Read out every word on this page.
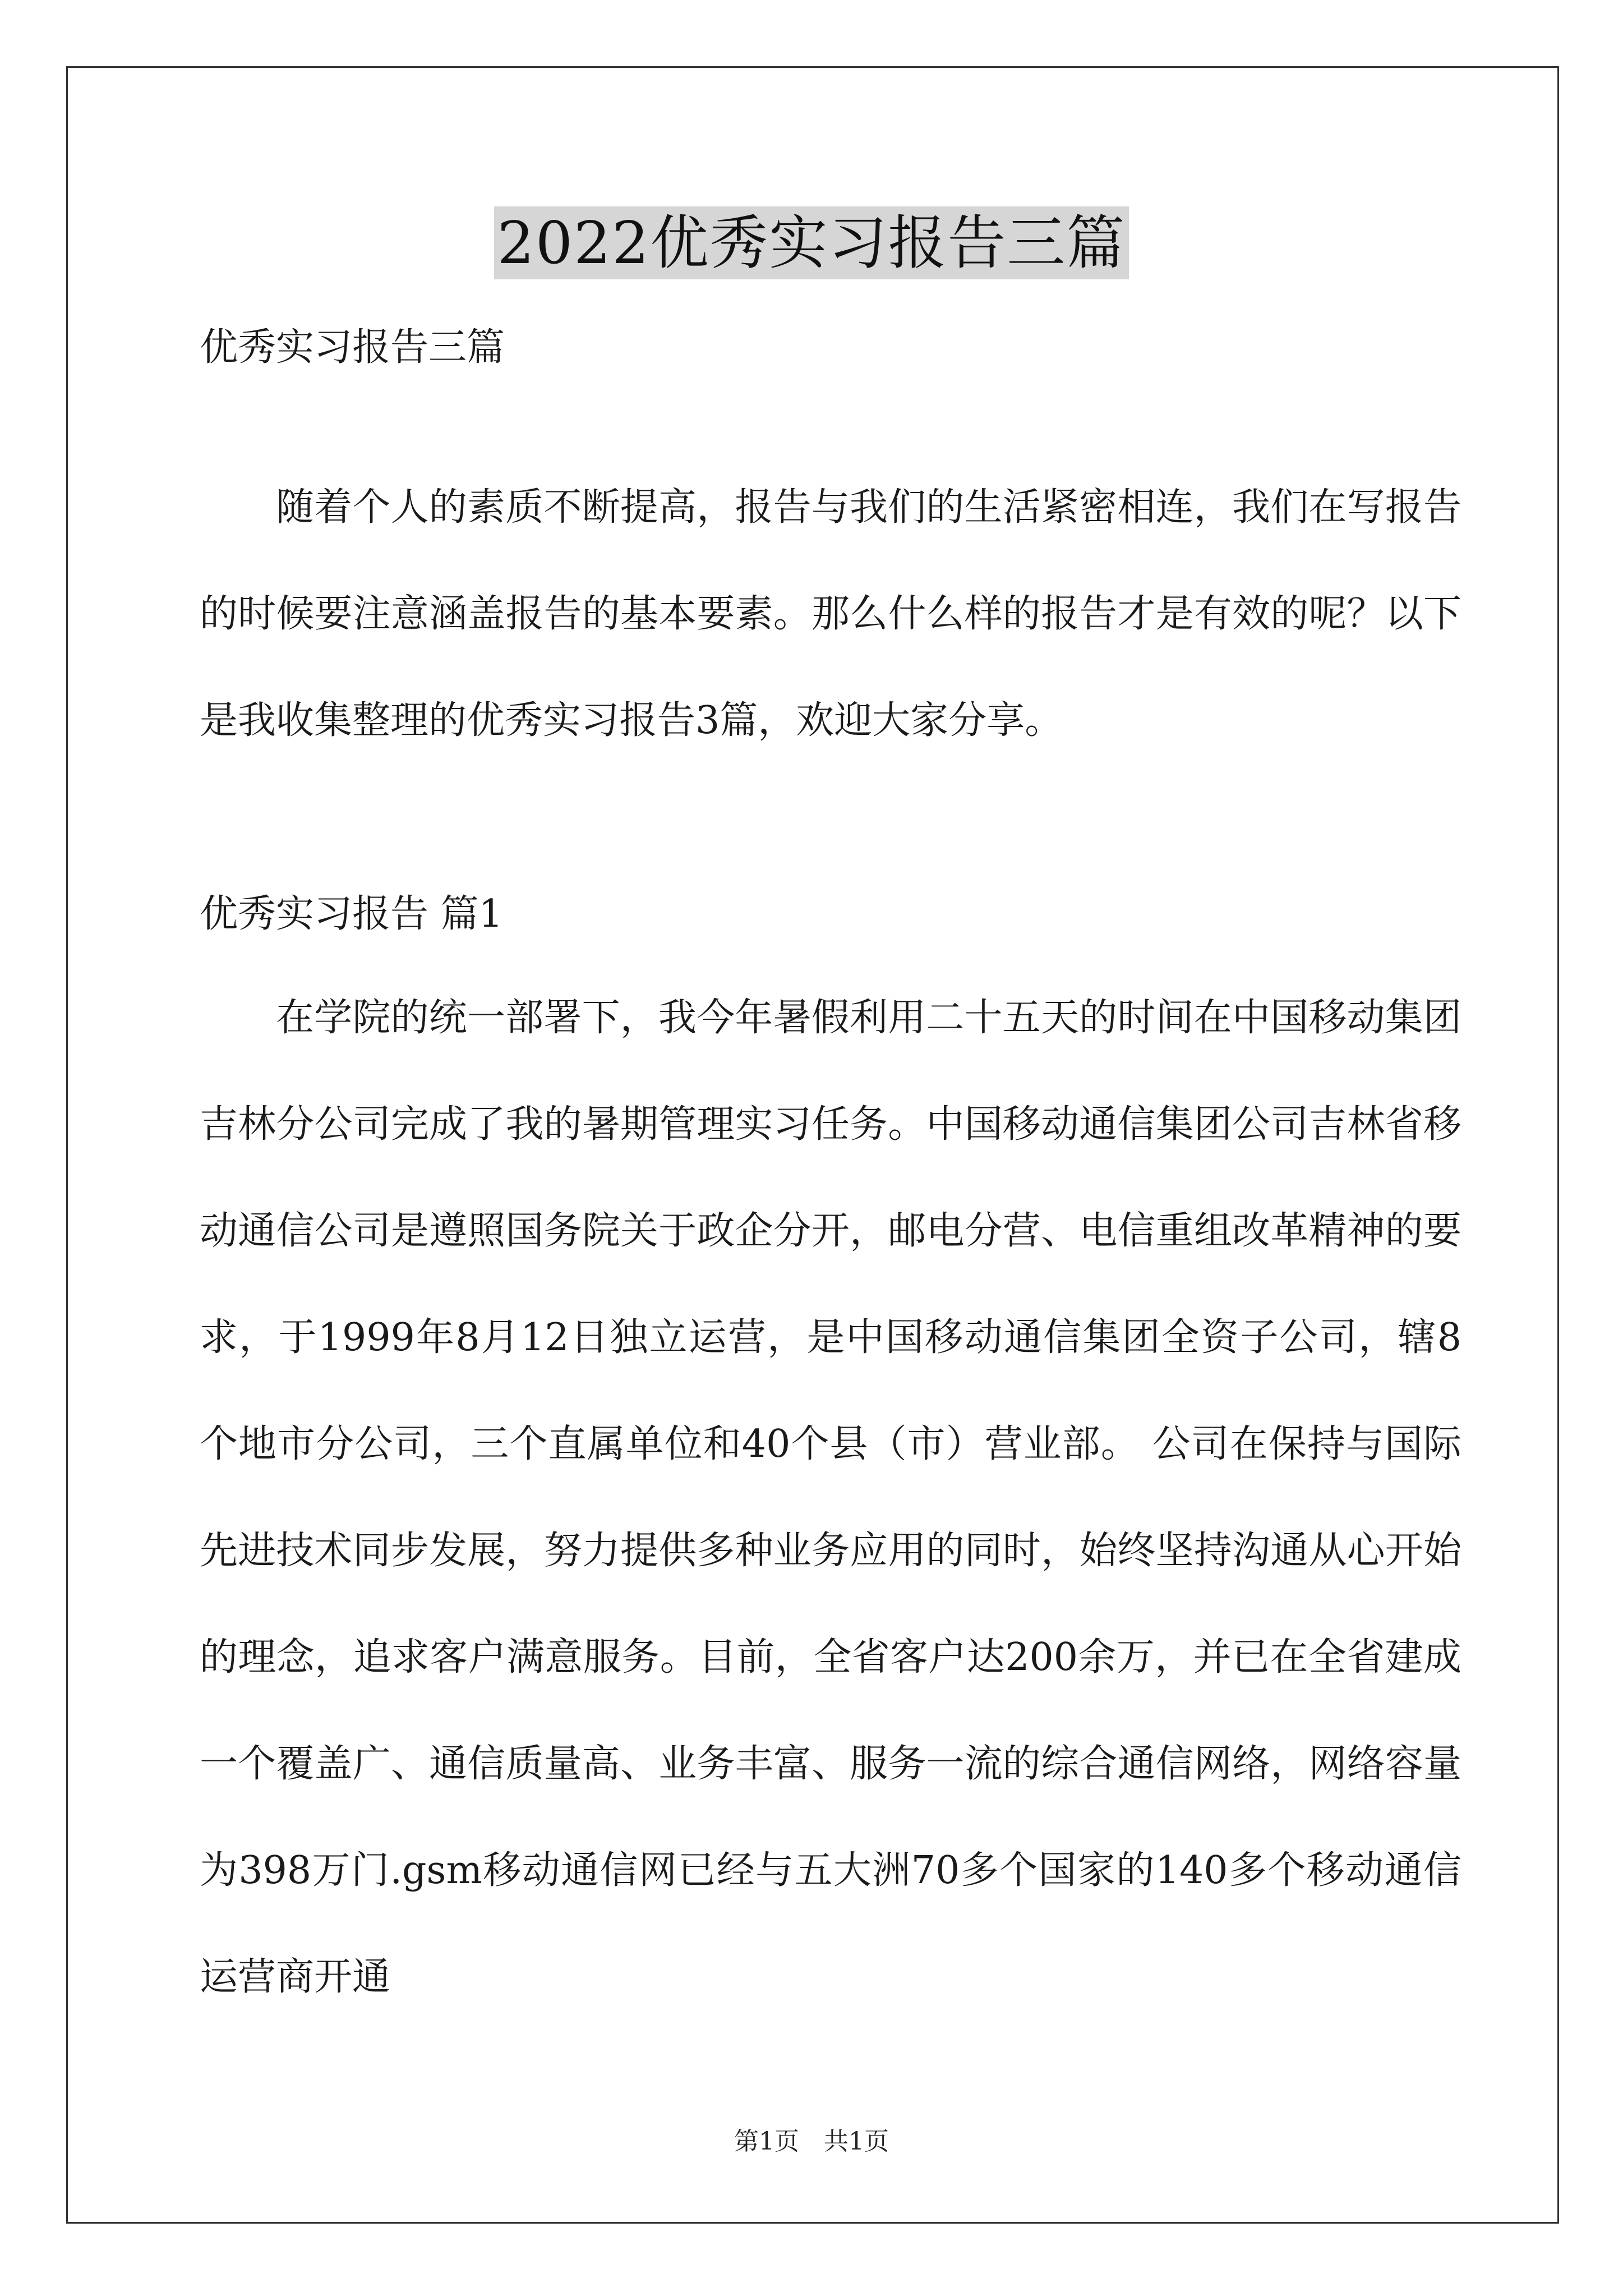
2022优秀实习报告三篇
优秀实习报告三篇
随着个人的素质不断提高，报告与我们的生活紧密相连，我们在写报告的时候要注意涵盖报告的基本要素。那么什么样的报告才是有效的呢？以下是我收集整理的优秀实习报告3篇，欢迎大家分享。
优秀实习报告 篇1
在学院的统一部署下，我今年暑假利用二十五天的时间在中国移动集团吉林分公司完成了我的暑期管理实习任务。中国移动通信集团公司吉林省移动通信公司是遵照国务院关于政企分开，邮电分营、电信重组改革精神的要求，于1999年8月12日独立运营，是中国移动通信集团全资子公司，辖8个地市分公司，三个直属单位和40个县（市）营业部。 公司在保持与国际先进技术同步发展，努力提供多种业务应用的同时，始终坚持沟通从心开始的理念，追求客户满意服务。目前，全省客户达200余万，并已在全省建成一个覆盖广、通信质量高、业务丰富、服务一流的综合通信网络，网络容量为398万门.gsm移动通信网已经与五大洲70多个国家的140多个移动通信运营商开通
第1页　共1页
